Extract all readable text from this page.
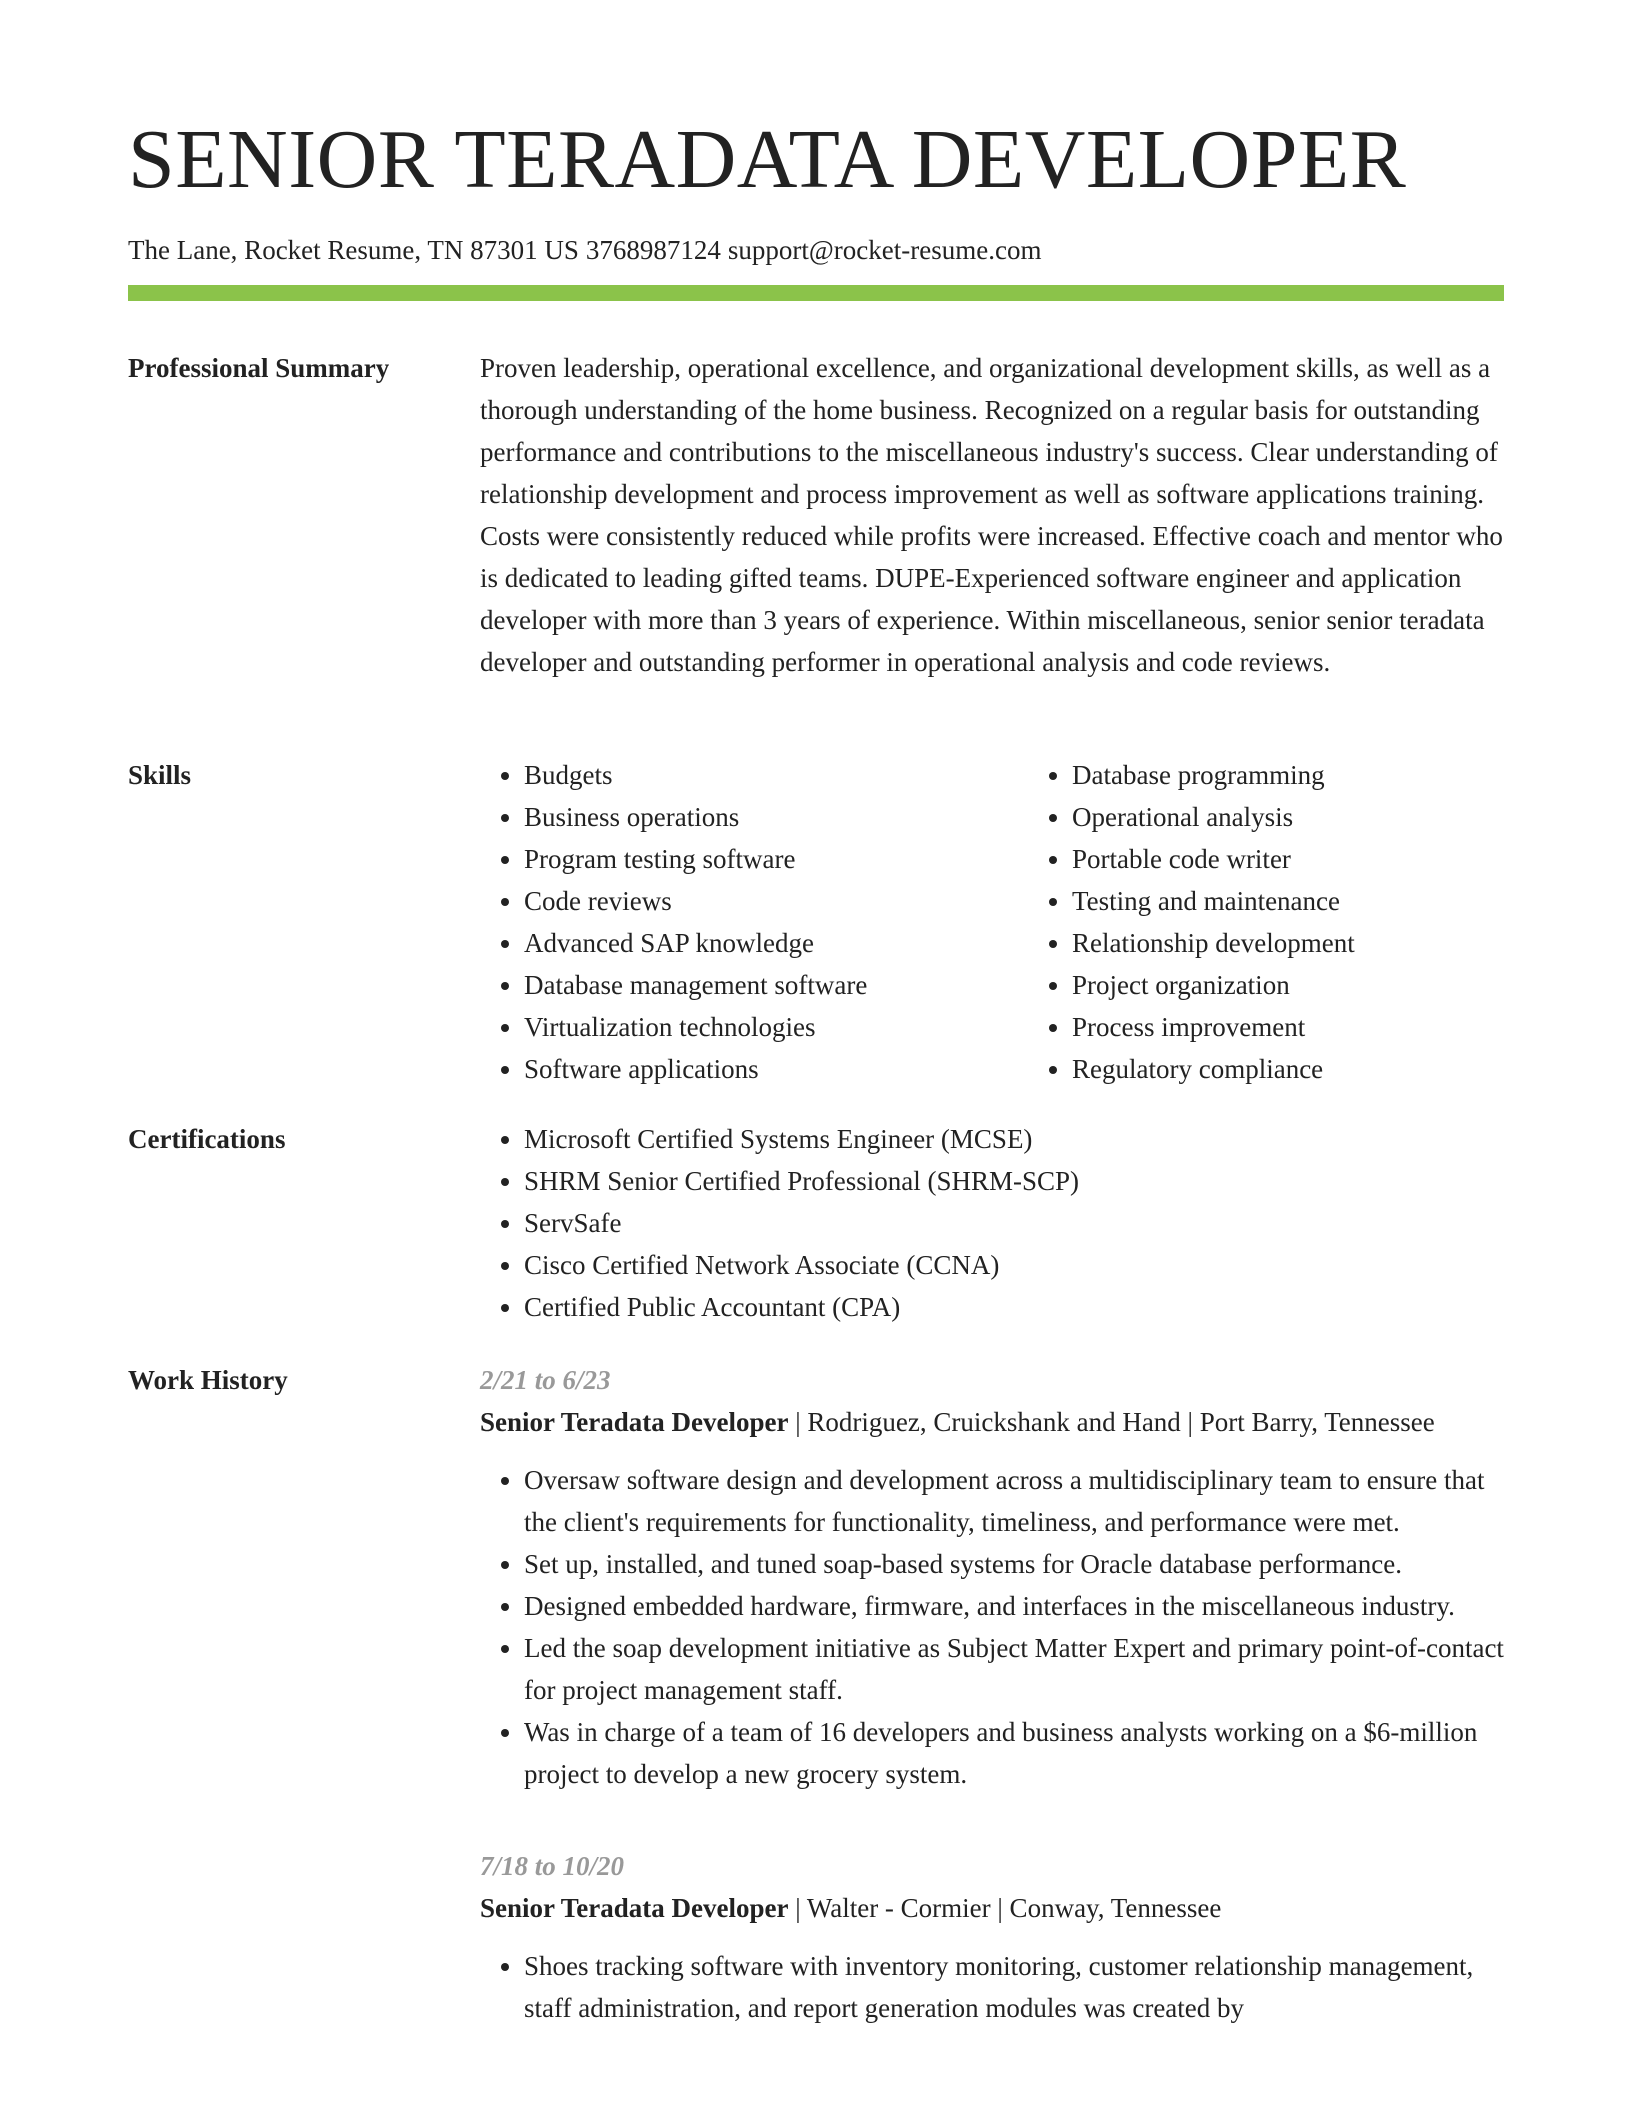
SENIOR TERADATA DEVELOPER
The Lane, Rocket Resume, TN 87301 US 3768987124 support@rocket-resume.com
Professional Summary	Proven leadership, operational excellence, and organizational development skills, as well as a thorough understanding of the home business. Recognized on a regular basis for outstanding performance and contributions to the miscellaneous industry's success. Clear understanding of relationship development and process improvement as well as software applications training. Costs were consistently reduced while profits were increased. Effective coach and mentor who is dedicated to leading gifted teams. DUPE-Experienced software engineer and application developer with more than 3 years of experience. Within miscellaneous, senior senior teradata developer and outstanding performer in operational analysis and code reviews.

Skills	• Budgets
• Business operations
• Program testing software
• Code reviews
• Advanced SAP knowledge
• Database management software
• Virtualization technologies
• Software applications
• Database programming
• Operational analysis
• Portable code writer
• Testing and maintenance
• Relationship development
• Project organization
• Process improvement
• Regulatory compliance
Certifications	• Microsoft Certified Systems Engineer (MCSE)
• SHRM Senior Certified Professional (SHRM-SCP)
• ServSafe
• Cisco Certified Network Associate (CCNA)
• Certified Public Accountant (CPA)
Work History	2/21 to 6/23

Senior Teradata Developer | Rodriguez, Cruickshank and Hand | Port Barry, Tennessee

• Oversaw software design and development across a multidisciplinary team to ensure that the client's requirements for functionality, timeliness, and performance were met.
• Set up, installed, and tuned soap-based systems for Oracle database performance.
• Designed embedded hardware, firmware, and interfaces in the miscellaneous industry.
• Led the soap development initiative as Subject Matter Expert and primary point-of-contact for project management staff.
• Was in charge of a team of 16 developers and business analysts working on a $6-million project to develop a new grocery system.

7/18 to 10/20

Senior Teradata Developer | Walter - Cormier | Conway, Tennessee

• Shoes tracking software with inventory monitoring, customer relationship management, staff administration, and report generation modules was created by
